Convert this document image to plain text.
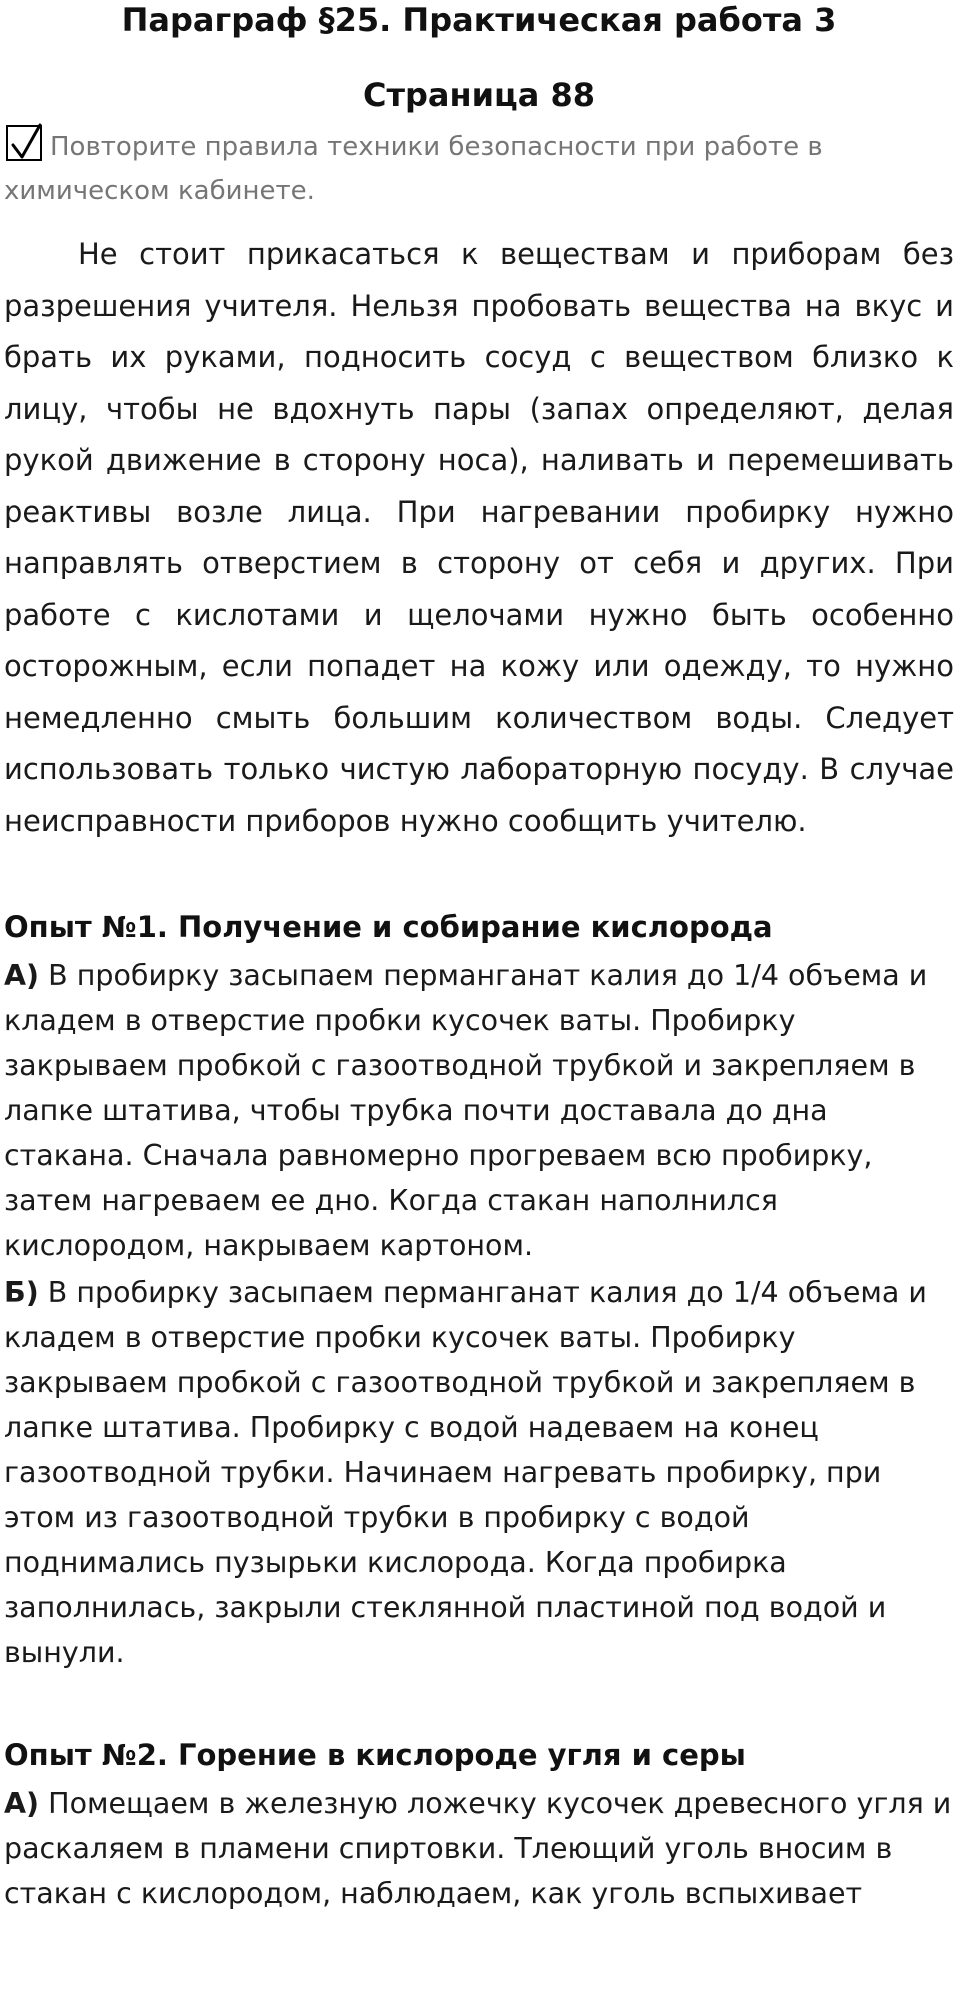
Параграф §25. Практическая работа 3
Страница 88
Повторите правила техники безопасности при работе в химическом кабинете.

Не стоит прикасаться к веществам и приборам без разрешения учителя. Нельзя пробовать вещества на вкус и брать их руками, подносить сосуд с веществом близко к лицу, чтобы не вдохнуть пары (запах определяют, делая рукой движение в сторону носа), наливать и перемешивать реактивы возле лица. При нагревании пробирку нужно направлять отверстием в сторону от себя и других. При работе с кислотами и щелочами нужно быть особенно осторожным, если попадет на кожу или одежду, то нужно немедленно смыть большим количеством воды. Следует использовать только чистую лабораторную посуду. В случае неисправности приборов нужно сообщить учителю.

Опыт №1. Получение и собирание кислорода
А) В пробирку засыпаем перманганат калия до 1/4 объема и кладем в отверстие пробки кусочек ваты. Пробирку закрываем пробкой с газоотводной трубкой и закрепляем в лапке штатива, чтобы трубка почти доставала до дна стакана. Сначала равномерно прогреваем всю пробирку, затем нагреваем ее дно. Когда стакан наполнился кислородом, накрываем картоном.
Б) В пробирку засыпаем перманганат калия до 1/4 объема и кладем в отверстие пробки кусочек ваты. Пробирку закрываем пробкой с газоотводной трубкой и закрепляем в лапке штатива. Пробирку с водой надеваем на конец газоотводной трубки. Начинаем нагревать пробирку, при этом из газоотводной трубки в пробирку с водой поднимались пузырьки кислорода. Когда пробирка заполнилась, закрыли стеклянной пластиной под водой и вынули.
Опыт №2. Горение в кислороде угля и серы
А) Помещаем в железную ложечку кусочек древесного угля и раскаляем в пламени спиртовки. Тлеющий уголь вносим в стакан с кислородом, наблюдаем, как уголь вспыхивает
